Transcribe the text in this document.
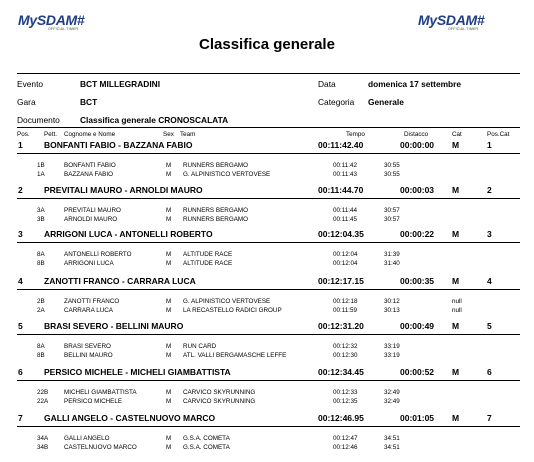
MySDAM#
OFFICIAL TIMER
MySDAM#
OFFICIAL TIMER
Classifica generale
Evento	BCT MILLEGRADINI	Data	domenica 17 settembre
Gara	BCT	Categoria Generale
Documento Classifica generale CRONOSCALATA
Pos. Pett. Cognome e Nome	Sex Team	Tempo	Distacco	Cat	Pos.Cat
1	BONFANTI FABIO - BAZZANA FABIO	00:11:42.40	00:00:00 M	1
1B	BONFANTI FABIO	M RUNNERS BERGAMO	00:11:42	30:55
1A	BAZZANA FABIO	M G. ALPINISTICO VERTOVESE	00:11:43	30:55
2	PREVITALI MAURO - ARNOLDI MAURO	00:11:44.70	00:00:03 M	2
3A	PREVITALI MAURO	M RUNNERS BERGAMO	00:11:44	30:57
3B	ARNOLDI MAURO	M RUNNERS BERGAMO	00:11:45	30:57
3	ARRIGONI LUCA - ANTONELLI ROBERTO	00:12:04.35	00:00:22 M	3
8A	ANTONELLI ROBERTO	M ALTITUDE RACE	00:12:04	31:39
8B	ARRIGONI LUCA	M ALTITUDE RACE	00:12:04	31:40
4	ZANOTTI FRANCO - CARRARA LUCA	00:12:17.15	00:00:35 M	4
2B	ZANOTTI FRANCO	M G. ALPINISTICO VERTOVESE	00:12:18	30:12	null
2A	CARRARA LUCA	M LA RECASTELLO RADICI GROUP	00:11:59	30:13	null
5	BRASI SEVERO - BELLINI MAURO	00:12:31.20	00:00:49 M	5
8A	BRASI SEVERO	M RUN CARD	00:12:32	33:19
8B	BELLINI MAURO	M ATL. VALLI BERGAMASCHE LEFFE	00:12:30	33:19
6	PERSICO MICHELE - MICHELI GIAMBATTISTA	00:12:34.45	00:00:52 M	6
22B	MICHELI GIAMBATTISTA	M CARVICO SKYRUNNING	00:12:33	32:49
22A	PERSICO MICHELE	M CARVICO SKYRUNNING	00:12:35	32:49
7	GALLI ANGELO - CASTELNUOVO MARCO	00:12:46.95	00:01:05 M	7
34A	GALLI ANGELO	M G.S.A. COMETA	00:12:47	34:51
34B	CASTELNUOVO MARCO	M G.S.A. COMETA	00:12:46	34:51
